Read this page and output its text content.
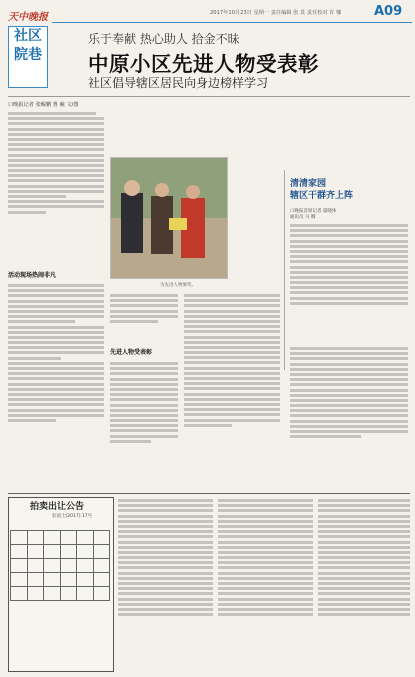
天中晚报
社区
院巷
2017年10月23日 星期一 责任编辑 张 莫 责任校对 许 娜	A09
乐于奉献 热心助人 拾金不昧
中原小区先进人物受表彰
社区倡导辖区居民向身边榜样学习
口晚报记者 张鲲鹏 鲁 瞳 文/图
活动现场热闹非凡
为先进人物颁奖。
先进人物受表彰
清清家园
辖区干群齐上阵
口晚报首席记者 霍晓体
通讯员 马 娜
拍卖出让公告
驻国土[2017] 17号
